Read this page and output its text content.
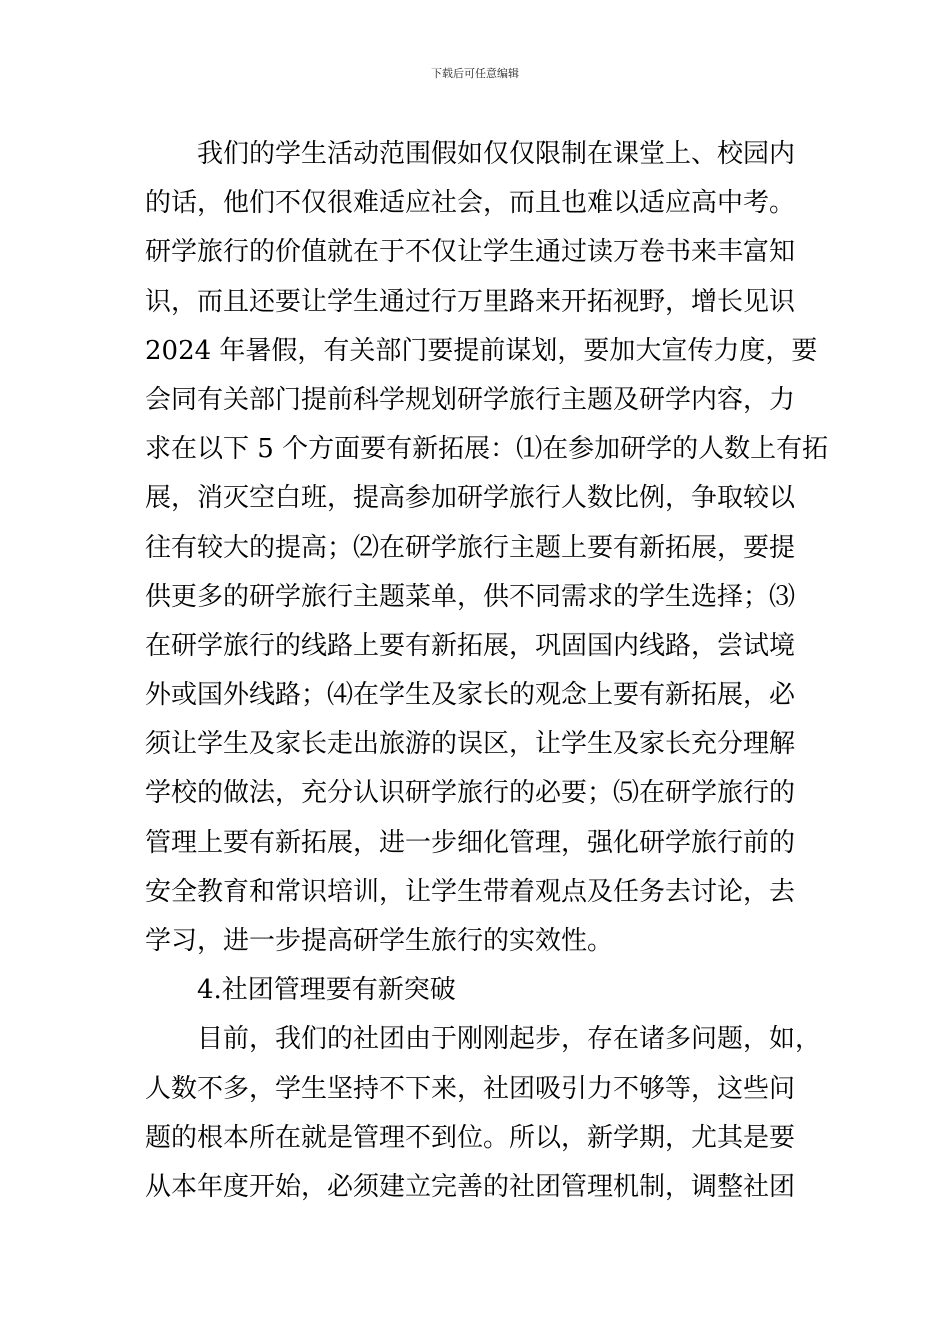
下载后可任意编辑
我们的学生活动范围假如仅仅限制在课堂上、校园内
的话，他们不仅很难适应社会，而且也难以适应高中考。
研学旅行的价值就在于不仅让学生通过读万卷书来丰富知
识，而且还要让学生通过行万里路来开拓视野，增长见识
2024 年暑假，有关部门要提前谋划，要加大宣传力度，要
会同有关部门提前科学规划研学旅行主题及研学内容，力
求在以下 5 个方面要有新拓展：⑴在参加研学的人数上有拓
展，消灭空白班，提高参加研学旅行人数比例，争取较以
往有较大的提高；⑵在研学旅行主题上要有新拓展，要提
供更多的研学旅行主题菜单，供不同需求的学生选择；⑶
在研学旅行的线路上要有新拓展，巩固国内线路，尝试境
外或国外线路；⑷在学生及家长的观念上要有新拓展，必
须让学生及家长走出旅游的误区，让学生及家长充分理解
学校的做法，充分认识研学旅行的必要；⑸在研学旅行的
管理上要有新拓展，进一步细化管理，强化研学旅行前的
安全教育和常识培训，让学生带着观点及任务去讨论，去
学习，进一步提高研学生旅行的实效性。
4.社团管理要有新突破
目前，我们的社团由于刚刚起步，存在诸多问题，如，
人数不多，学生坚持不下来，社团吸引力不够等，这些问
题的根本所在就是管理不到位。所以，新学期，尤其是要
从本年度开始，必须建立完善的社团管理机制，调整社团
